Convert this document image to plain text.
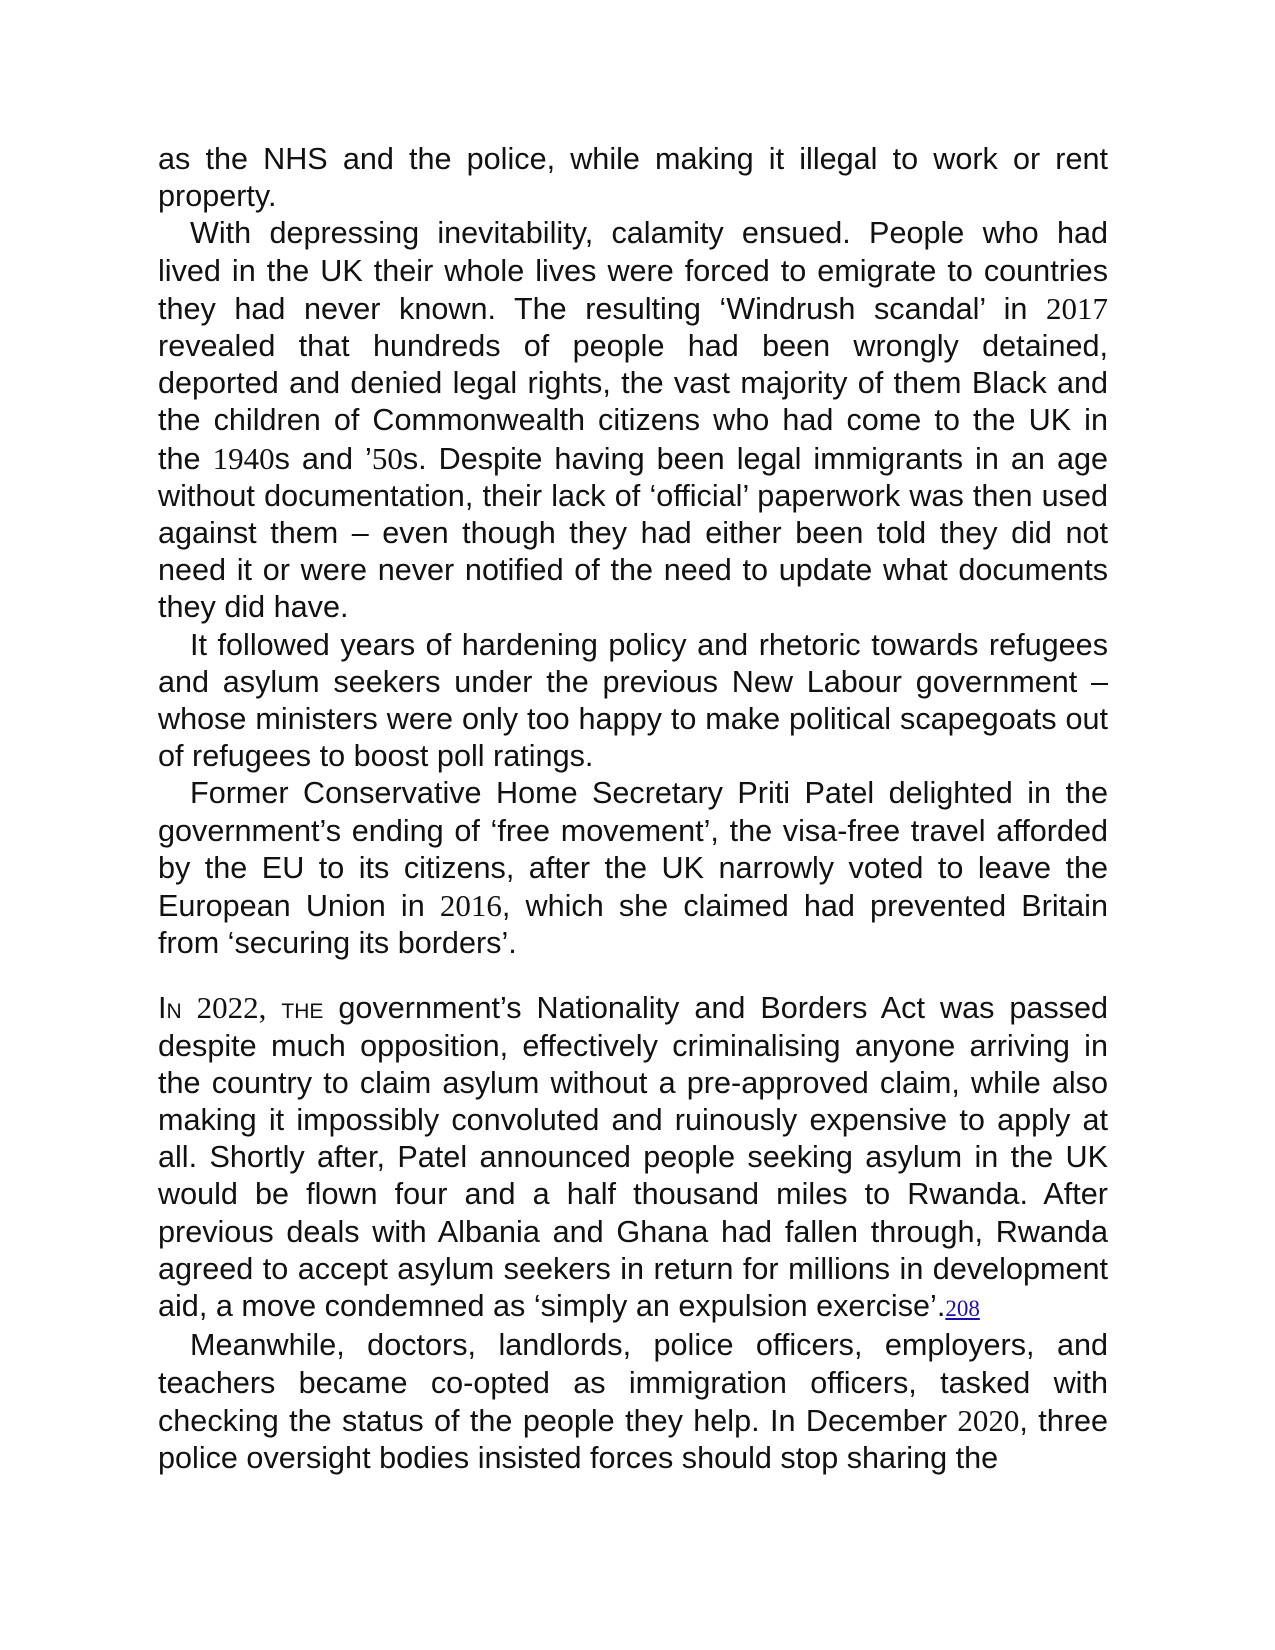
as the NHS and the police, while making it illegal to work or rent property.

With depressing inevitability, calamity ensued. People who had lived in the UK their whole lives were forced to emigrate to countries they had never known. The resulting ‘Windrush scandal’ in 2017 revealed that hundreds of people had been wrongly detained, deported and denied legal rights, the vast majority of them Black and the children of Commonwealth citizens who had come to the UK in the 1940s and ’50s. Despite having been legal immigrants in an age without documentation, their lack of ‘official’ paperwork was then used against them – even though they had either been told they did not need it or were never notified of the need to update what documents they did have.

It followed years of hardening policy and rhetoric towards refugees and asylum seekers under the previous New Labour government – whose ministers were only too happy to make political scapegoats out of refugees to boost poll ratings.

Former Conservative Home Secretary Priti Patel delighted in the government’s ending of ‘free movement’, the visa-free travel afforded by the EU to its citizens, after the UK narrowly voted to leave the European Union in 2016, which she claimed had prevented Britain from ‘securing its borders’.

In 2022, the government’s Nationality and Borders Act was passed despite much opposition, effectively criminalising anyone arriving in the country to claim asylum without a pre-approved claim, while also making it impossibly convoluted and ruinously expensive to apply at all. Shortly after, Patel announced people seeking asylum in the UK would be flown four and a half thousand miles to Rwanda. After previous deals with Albania and Ghana had fallen through, Rwanda agreed to accept asylum seekers in return for millions in development aid, a move condemned as ‘simply an expulsion exercise’.208

Meanwhile, doctors, landlords, police officers, employers, and teachers became co-opted as immigration officers, tasked with checking the status of the people they help. In December 2020, three police oversight bodies insisted forces should stop sharing the
